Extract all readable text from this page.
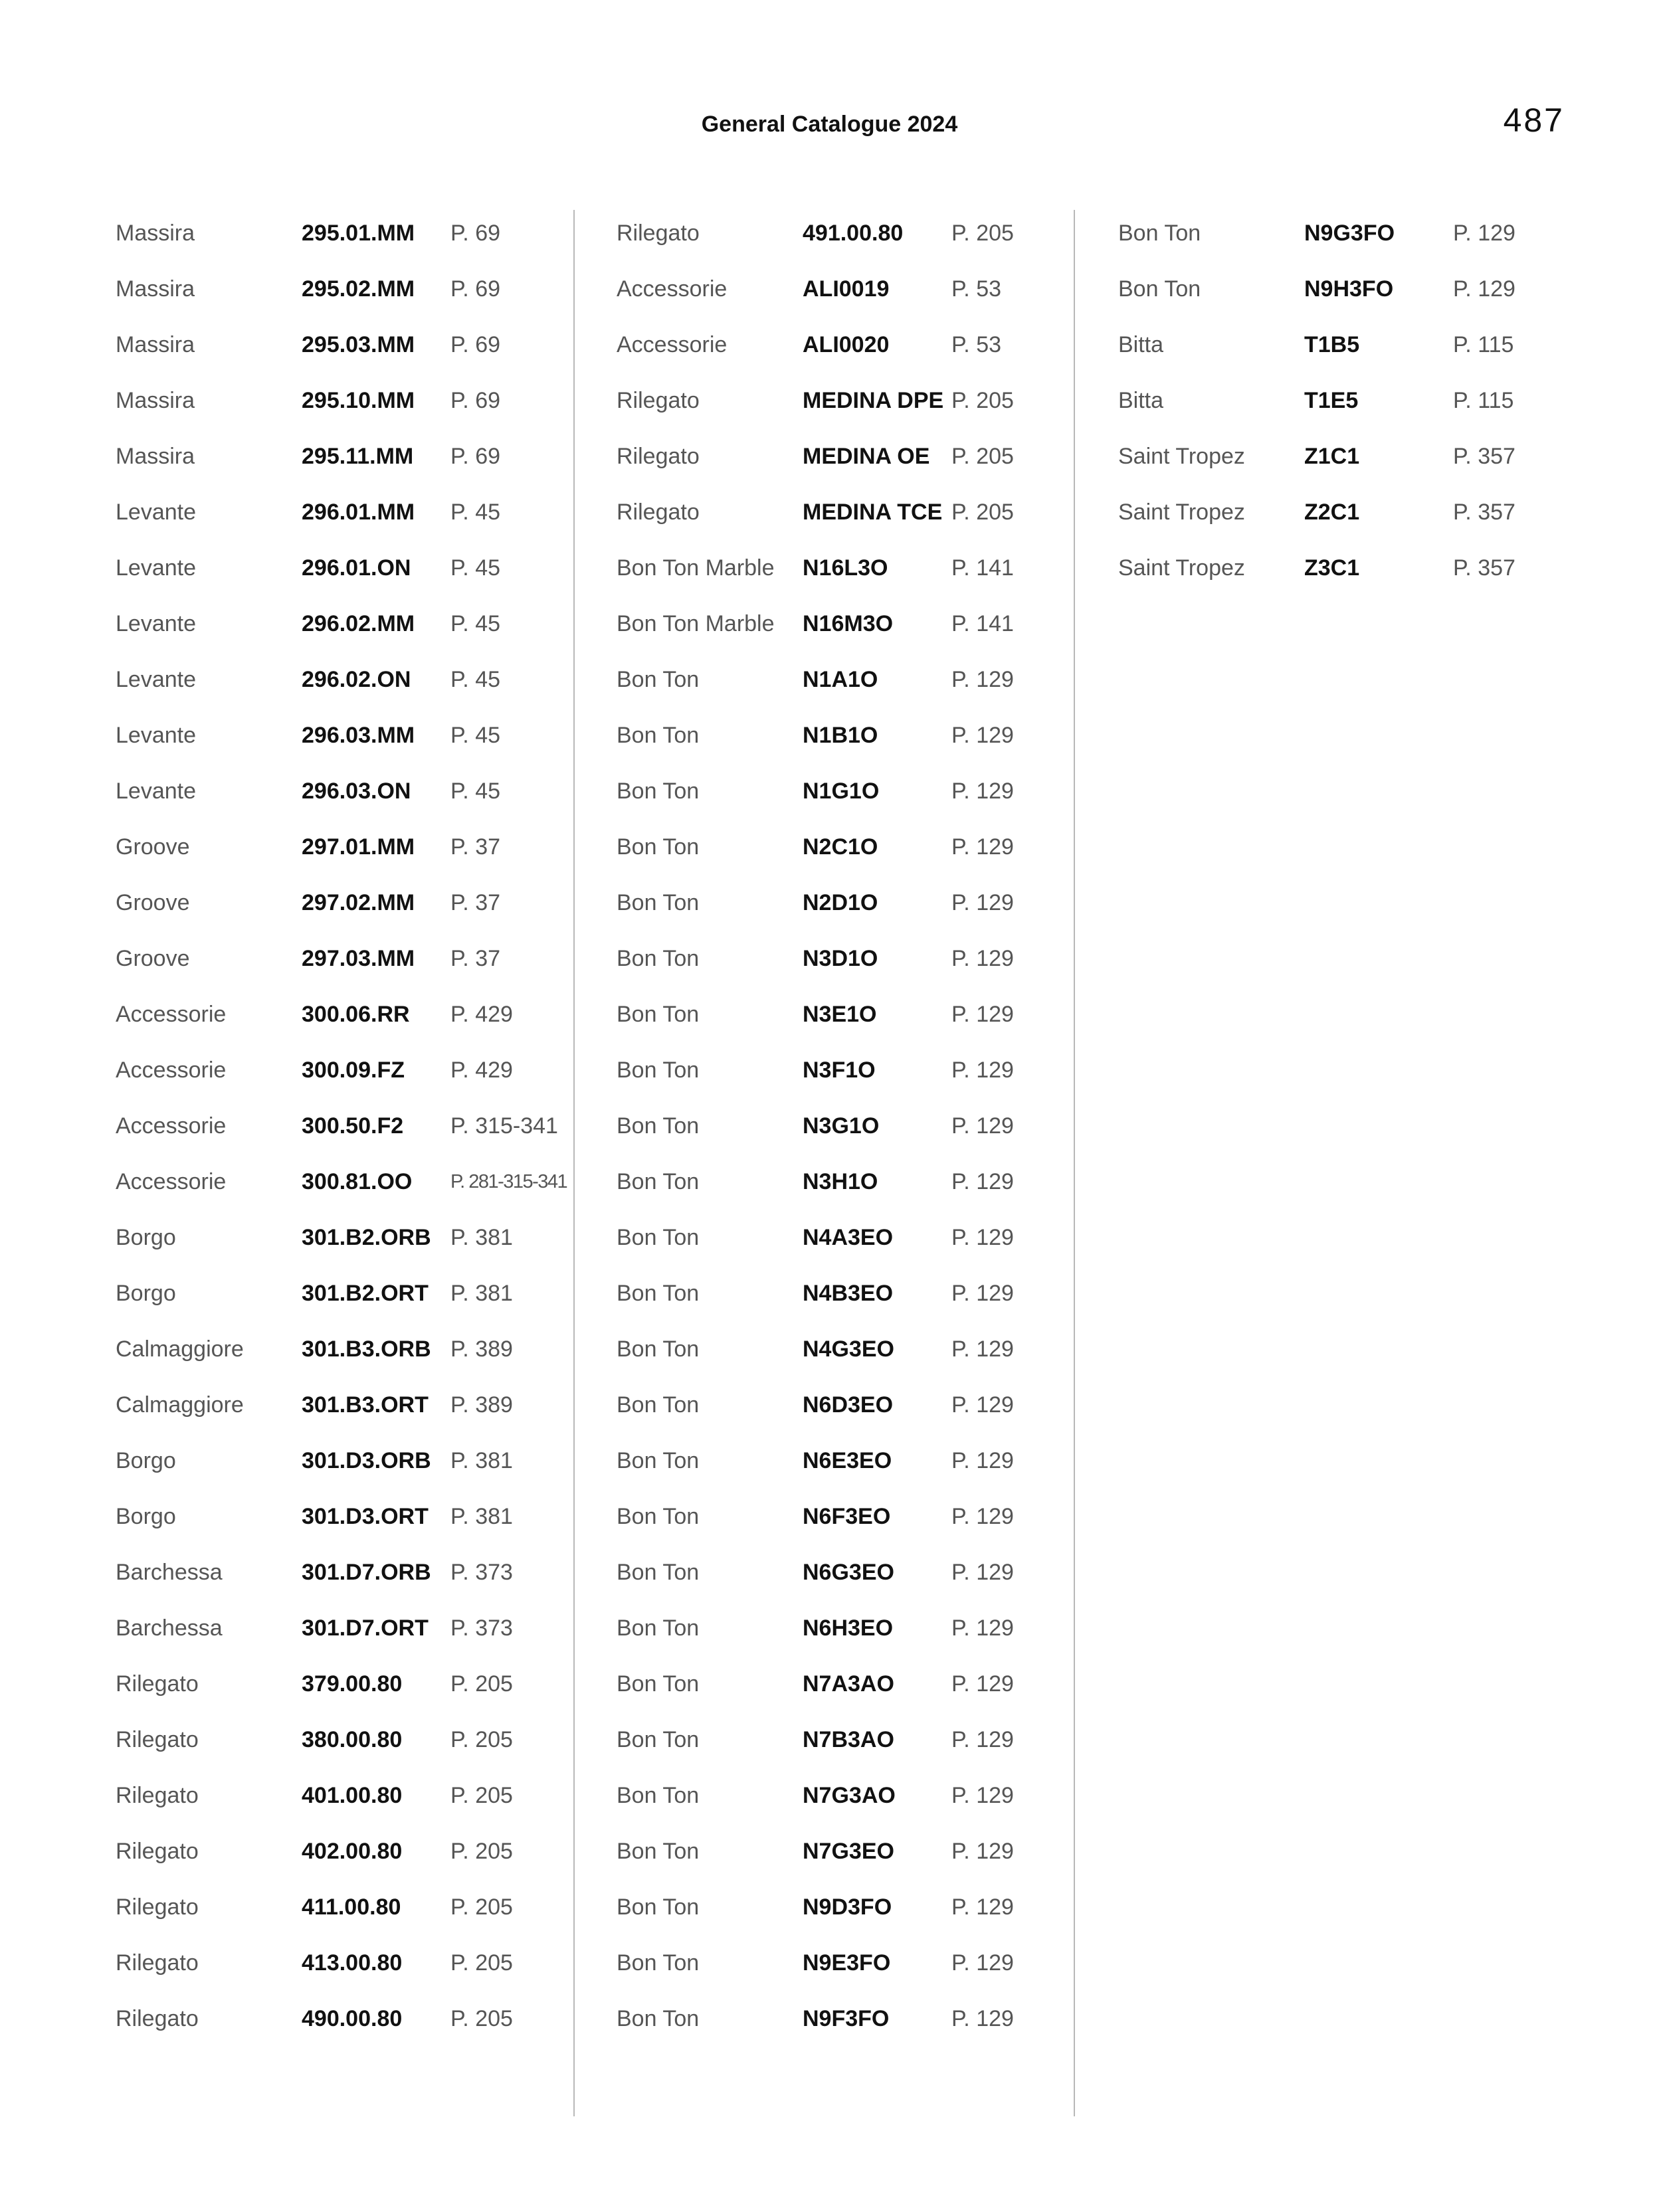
General Catalogue 2024	487
Massira	295.01.MM P. 69
Massira	295.02.MM P. 69
Massira	295.03.MM P. 69
Massira	295.10.MM P. 69
Massira	295.11.MM P. 69
Levante	296.01.MM P. 45
Levante	296.01.ON P. 45
Levante	296.02.MM P. 45
Levante	296.02.ON P. 45
Levante	296.03.MM P. 45
Levante	296.03.ON P. 45
Groove	297.01.MM P. 37
Groove	297.02.MM P. 37
Groove	297.03.MM P. 37
Accessorie	300.06.RR P. 429
Accessorie	300.09.FZ P. 429
Accessorie	300.50.F2 P. 315-341
Accessorie	300.81.OO P. 281-315-341
Borgo	301.B2.ORB P. 381
Borgo	301.B2.ORT P. 381
Calmaggiore	301.B3.ORB P. 389
Calmaggiore	301.B3.ORT P. 389
Borgo	301.D3.ORB P. 381
Borgo	301.D3.ORT P. 381
Barchessa	301.D7.ORB P. 373
Barchessa	301.D7.ORT P. 373
Rilegato	379.00.80 P. 205
Rilegato	380.00.80 P. 205
Rilegato	401.00.80 P. 205
Rilegato	402.00.80 P. 205
Rilegato	411.00.80 P. 205
Rilegato	413.00.80 P. 205
Rilegato	490.00.80 P. 205
Rilegato	491.00.80 P. 205
Accessorie	ALI0019	P. 53
Accessorie	ALI0020	P. 53
Rilegato	MEDINA DPE P. 205
Rilegato	MEDINA OE P. 205
Rilegato	MEDINA TCE P. 205
Bon Ton Marble N16L3O	P. 141
Bon Ton Marble N16M3O	P. 141
Bon Ton	N1A1O	P. 129
Bon Ton	N1B1O	P. 129
Bon Ton	N1G1O	P. 129
Bon Ton	N2C1O	P. 129
Bon Ton	N2D1O	P. 129
Bon Ton	N3D1O	P. 129
Bon Ton	N3E1O	P. 129
Bon Ton	N3F1O	P. 129
Bon Ton	N3G1O	P. 129
Bon Ton	N3H1O	P. 129
Bon Ton	N4A3EO	P. 129
Bon Ton	N4B3EO	P. 129
Bon Ton	N4G3EO	P. 129
Bon Ton	N6D3EO	P. 129
Bon Ton	N6E3EO	P. 129
Bon Ton	N6F3EO	P. 129
Bon Ton	N6G3EO	P. 129
Bon Ton	N6H3EO	P. 129
Bon Ton	N7A3AO	P. 129
Bon Ton	N7B3AO	P. 129
Bon Ton	N7G3AO P. 129
Bon Ton	N7G3EO	P. 129
Bon Ton	N9D3FO	P. 129
Bon Ton	N9E3FO	P. 129
Bon Ton	N9F3FO	P. 129
Bon Ton	N9G3FO	P. 129
Bon Ton	N9H3FO	P. 129
Bitta	T1B5	P. 115
Bitta	T1E5	P. 115
Saint Tropez	Z1C1	P. 357
Saint Tropez	Z2C1	P. 357
Saint Tropez	Z3C1	P. 357
